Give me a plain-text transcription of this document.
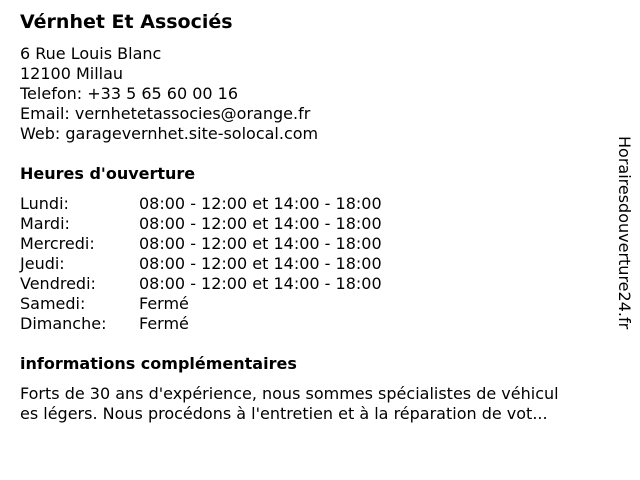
Vérnhet Et Associés
6 Rue Louis Blanc
12100 Millau
Telefon: +33 5 65 60 00 16
Email: vernhetetassocies@orange.fr
Web: garagevernhet.site-solocal.com
Heures d'ouverture
Lundi:	08:00 - 12:00 et 14:00 - 18:00
Mardi:	08:00 - 12:00 et 14:00 - 18:00
Mercredi:	08:00 - 12:00 et 14:00 - 18:00
Jeudi:	08:00 - 12:00 et 14:00 - 18:00
Vendredi:	08:00 - 12:00 et 14:00 - 18:00
Samedi:	Fermé
Dimanche: Fermé
informations complémentaires
Forts de 30 ans d'expérience, nous sommes spécialistes de véhicul
es légers. Nous procédons à l'entretien et à la réparation de vot...
Horairesdouverture24.fr
